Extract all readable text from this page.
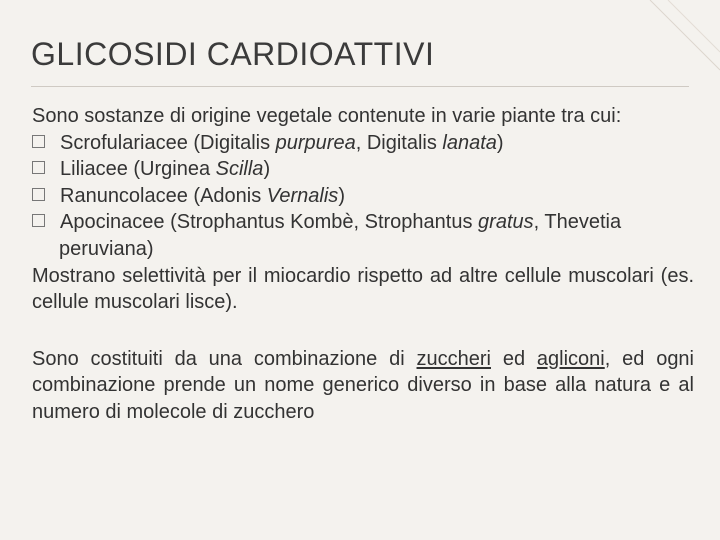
GLICOSIDI CARDIOATTIVI

Sono sostanze di origine vegetale contenute in varie piante tra cui:

Scrofulariacee (Digitalis purpurea, Digitalis lanata)
Liliacee (Urginea Scilla)
Ranuncolacee (Adonis Vernalis)
Apocinacee (Strophantus Kombè, Strophantus gratus, Thevetia peruviana)

Mostrano selettività per il miocardio rispetto ad altre cellule muscolari (es. cellule muscolari lisce).

Sono costituiti da una combinazione di zuccheri ed agliconi, ed ogni combinazione prende un nome generico diverso in base alla natura e al numero di molecole di zucchero
